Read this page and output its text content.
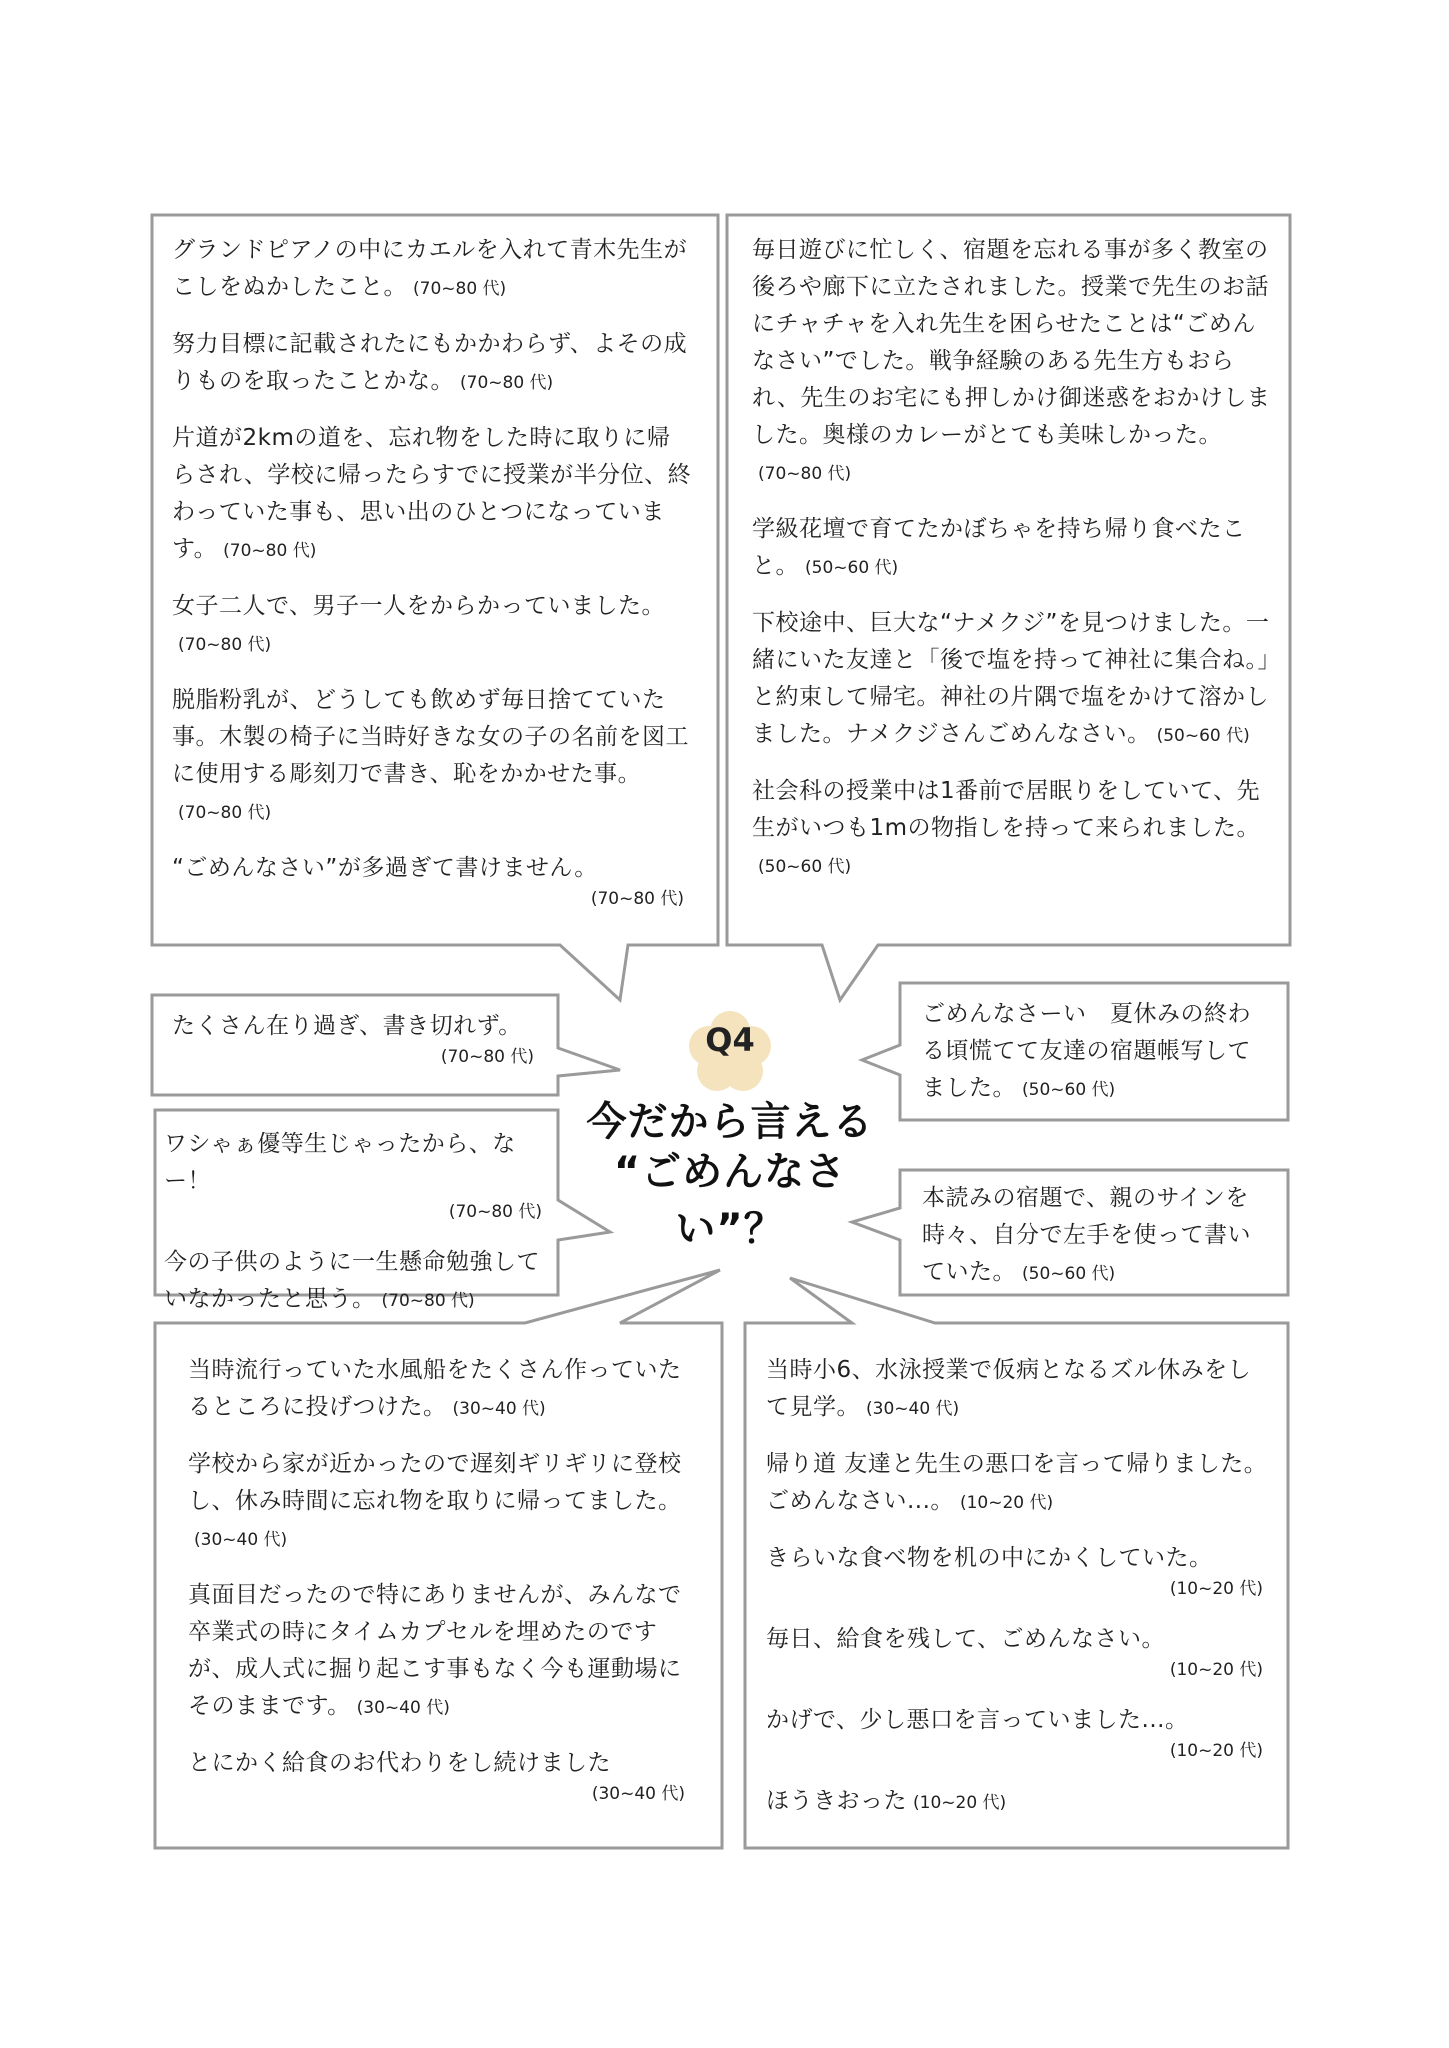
グランドピアノの中にカエルを入れて青木先生がこしをぬかしたこと。 (70~80 代)
努力目標に記載されたにもかかわらず、よその成りものを取ったことかな。 (70~80 代)
片道が2kmの道を、忘れ物をした時に取りに帰らされ、学校に帰ったらすでに授業が半分位、終わっていた事も、思い出のひとつになっています。 (70~80 代)
女子二人で、男子一人をからかっていました。(70~80 代)
脱脂粉乳が、どうしても飲めず毎日捨てていた事。木製の椅子に当時好きな女の子の名前を図工に使用する彫刻刀で書き、恥をかかせた事。(70~80 代)
“ごめんなさい”が多過ぎて書けません。
(70~80 代)
毎日遊びに忙しく、宿題を忘れる事が多く教室の後ろや廊下に立たされました。授業で先生のお話にチャチャを入れ先生を困らせたことは“ごめんなさい”でした。戦争経験のある先生方もおられ、先生のお宅にも押しかけ御迷惑をおかけしました。奥様のカレーがとても美味しかった。(70~80 代)
学級花壇で育てたかぼちゃを持ち帰り食べたこと。 (50~60 代)
下校途中、巨大な“ナメクジ”を見つけました。一緒にいた友達と「後で塩を持って神社に集合ね。」と約束して帰宅。神社の片隅で塩をかけて溶かしました。ナメクジさんごめんなさい。 (50~60 代)
社会科の授業中は1番前で居眠りをしていて、先生がいつも1mの物指しを持って来られました。(50~60 代)
たくさん在り過ぎ、書き切れず。
(70~80 代)
ワシゃぁ優等生じゃったから、なー！
(70~80 代)
今の子供のように一生懸命勉強していなかったと思う。 (70~80 代)
ごめんなさーい　夏休みの終わる頃慌てて友達の宿題帳写してました。 (50~60 代)
本読みの宿題で、親のサインを時々、自分で左手を使って書いていた。 (50~60 代)
当時流行っていた水風船をたくさん作っていたるところに投げつけた。 (30~40 代)
学校から家が近かったので遅刻ギリギリに登校し、休み時間に忘れ物を取りに帰ってました。(30~40 代)
真面目だったので特にありませんが、みんなで卒業式の時にタイムカプセルを埋めたのですが、成人式に掘り起こす事もなく今も運動場にそのままです。 (30~40 代)
とにかく給食のお代わりをし続けました
(30~40 代)
当時小6、水泳授業で仮病となるズル休みをして見学。 (30~40 代)
帰り道 友達と先生の悪口を言って帰りました。ごめんなさい...。 (10~20 代)
きらいな食べ物を机の中にかくしていた。
(10~20 代)
毎日、給食を残して、ごめんなさい。
(10~20 代)
かげで、少し悪口を言っていました...。
(10~20 代)
ほうきおった (10~20 代)
Q4
今だから言える
“ごめんなさい”？
